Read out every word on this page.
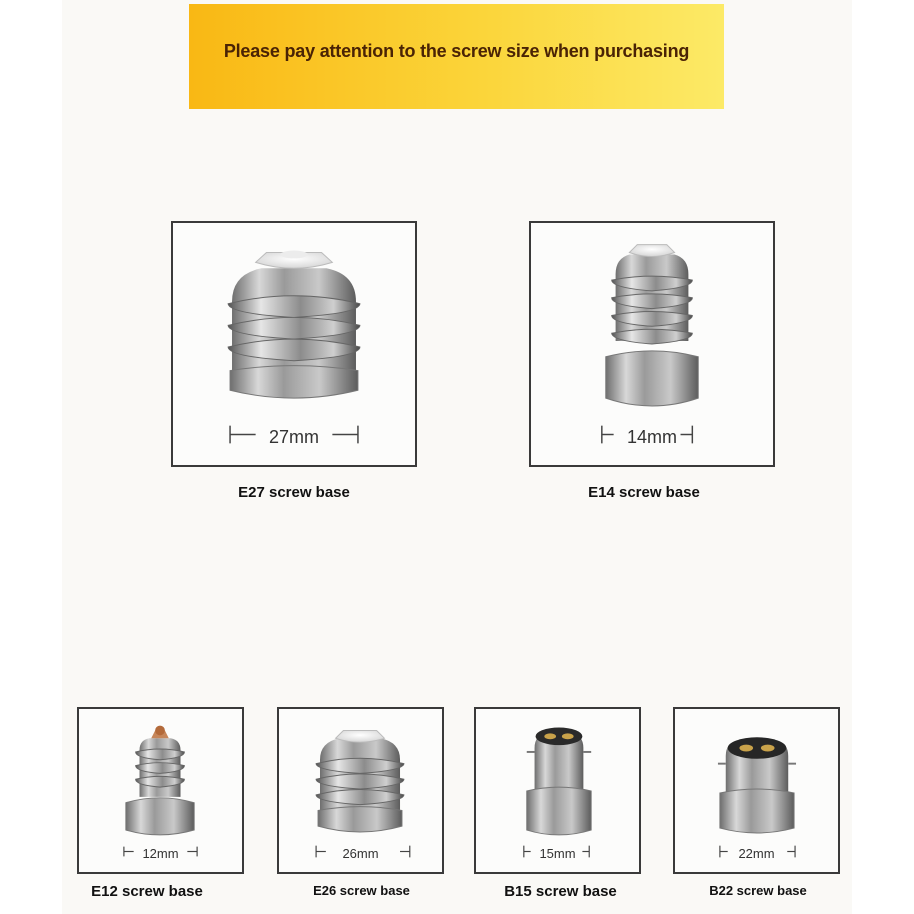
Please pay attention to the screw size when purchasing
27mm
E27 screw base
14mm
E14 screw base
12mm
E12 screw base
26mm
E26 screw base
15mm
B15 screw base
22mm
B22 screw base
